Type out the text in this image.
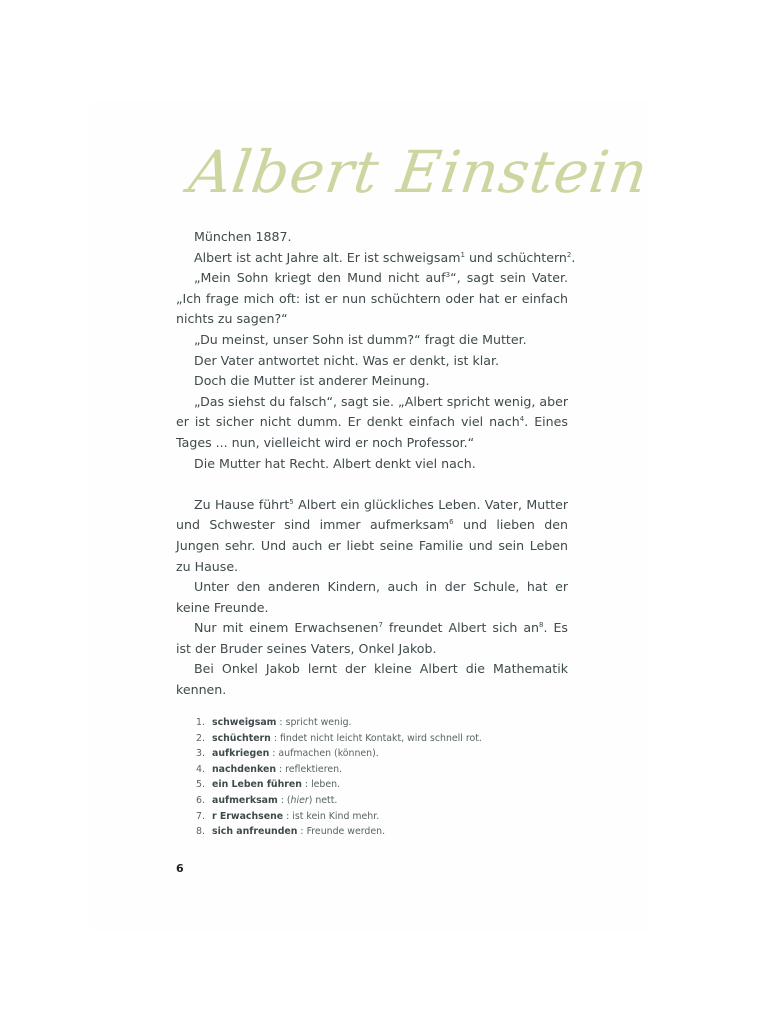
Albert Einstein

München 1887.

Albert ist acht Jahre alt. Er ist schweigsam$^1$ und schüchtern$^2$.

„Mein Sohn kriegt den Mund nicht auf$^3$“, sagt sein Vater. „Ich frage mich oft: ist er nun schüchtern oder hat er einfach nichts zu sagen?“

„Du meinst, unser Sohn ist dumm?“ fragt die Mutter.

Der Vater antwortet nicht. Was er denkt, ist klar.

Doch die Mutter ist anderer Meinung.

„Das siehst du falsch“, sagt sie. „Albert spricht wenig, aber er ist sicher nicht dumm. Er denkt einfach viel nach$^4$. Eines Tages ... nun, vielleicht wird er noch Professor.“

Die Mutter hat Recht. Albert denkt viel nach.

Zu Hause führt$^5$ Albert ein glückliches Leben. Vater, Mutter und Schwester sind immer aufmerksam$^6$ und lieben den Jungen sehr. Und auch er liebt seine Familie und sein Leben zu Hause.

Unter den anderen Kindern, auch in der Schule, hat er keine Freunde.

Nur mit einem Erwachsenen$^7$ freundet Albert sich $an^8$. Es ist der Bruder seines Vaters, Onkel Jakob.

Bei Onkel Jakob lernt der kleine Albert die Mathematik kennen.

1. schweigsam : spricht wenig.
2. schüchtern : findet nicht leicht Kontakt, wird schnell rot.
3. aufkriegen : aufmachen (können).
4. nachdenken : reflektieren.
5. ein Leben führen : leben.
6. aufmerksam : ( hier ) nett.
7. r Erwachsene : ist kein Kind mehr.
8. sich anfreunden : Freunde werden.
6
